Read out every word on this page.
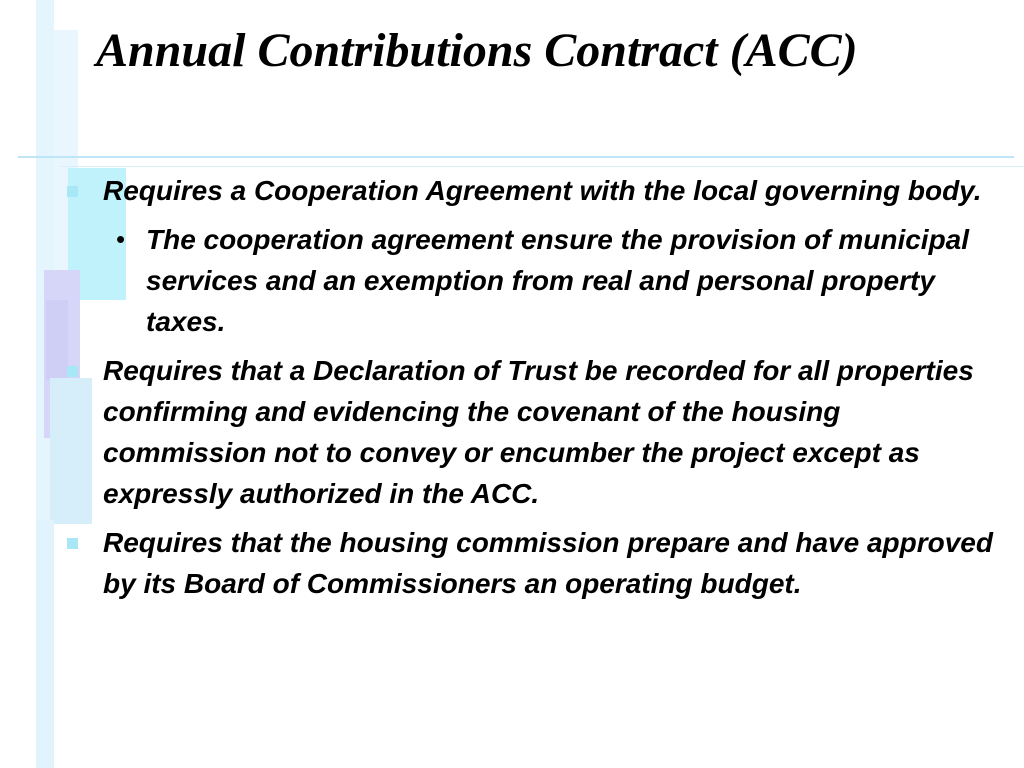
Annual Contributions Contract (ACC)
Requires a Cooperation Agreement with the local governing body.
• The cooperation agreement ensure the provision of municipal services and an exemption from real and personal property taxes.
Requires that a Declaration of Trust be recorded for all properties confirming and evidencing the covenant of the housing commission not to convey or encumber the project except as expressly authorized in the ACC.
Requires that the housing commission prepare and have approved by its Board of Commissioners an operating budget.
